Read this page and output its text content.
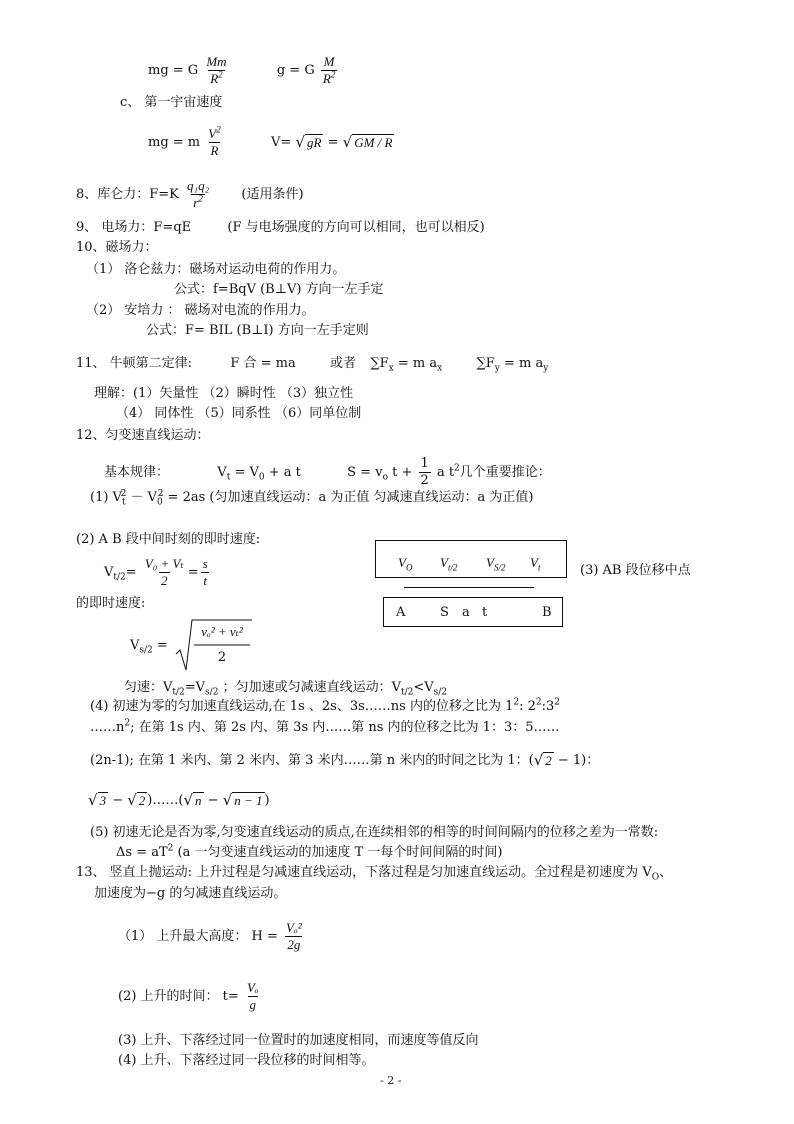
mg = G $\frac{Mm}{R^2}$	g = G $\frac{M}{R^2}$
c、 第一宇宙速度
mg = m $\frac{V^2}{R}$	V= √ gR = √ GM / R
8、库仑力：$F=K \frac{\text{q₁q₂}}{r^2}$ (适用条件)
9、 电场力：F=qE	(F 与电场强度的方向可以相同，也可以相反)
10、磁场力：
（1） 洛仑兹力：磁场对运动电荷的作用力。
公式：f=BqV (B⊥V) 方向一左手定
（2） 安培力 ： 磁场对电流的作用力。
公式：F= BIL (B⊥I) 方向一左手定则
11、 牛顿第二定律:	F 合 = ma	或者 $\sum F_x = m$ $a_x$	$\sum F_y = m$ $a_y$
理解：(1）矢量性 （2）瞬时性 （3）独立性
（4） 同体性 （5）同系性 （6）同单位制
12、匀变速直线运动：
基本规律：	$V_t = V_0 + a$ t	$S = v_o$ $t + \frac{1}{2}$ a $t^2$几个重要推论：
(1) $V_t^2 - V_0^2 = 2as$ (匀加速直线运动：a 为正值 匀减速直线运动：a 为正值)
(2) A B 段中间时刻的即时速度:
$V_{t/2}= \frac{\text{V₀ + Vₜ}}{2} = \frac{s}{t}$	$V_O$ $V_{t/2}$ $V_{S/2}$ $V_t$
A	S a t	B
(3) AB 段位移中点
的即时速度:
$V_{s/2}$ =
vₒ² + vₜ²
2
匀速：$V_{t/2}=V_{s/2}$ ；匀加速或匀减速直线运动：$V_{t/2}<V_{s/2}$
(4) 初速为零的匀加速直线运动,在 1s 、2s、3s……ns 内的位移之比为 $1^2$: $2^2:3^2$
$\dots\dots n^2$; 在第 1s 内、第 2s 内、第 3s 内……第 ns 内的位移之比为 1：3：5……
(2n-1); 在第 1 米内、第 2 米内、第 3 米内……第 n 米内的时间之比为 1：( √ 2 − 1)：
√ 3 − √ 2 )……( √ n − √ n − 1 )
(5) 初速无论是否为零,匀变速直线运动的质点,在连续相邻的相等的时间间隔内的位移之差为一常数:
$\Delta s = aT^2$ (a 一匀变速直线运动的加速度 T 一每个时间间隔的时间)
13、 竖直上抛运动: 上升过程是匀减速直线运动，下落过程是匀加速直线运动。全过程是初速度为 $V_O$、
加速度为−g 的匀减速直线运动。
（1） 上升最大高度： $H = \frac{\text{Vₒ²}}{2g}$
(2) 上升的时间： $t= \frac{\text{Vₒ}}{g}$
(3) 上升、下落经过同一位置时的加速度相同，而速度等值反向
(4) 上升、下落经过同一段位移的时间相等。
- 2 -
